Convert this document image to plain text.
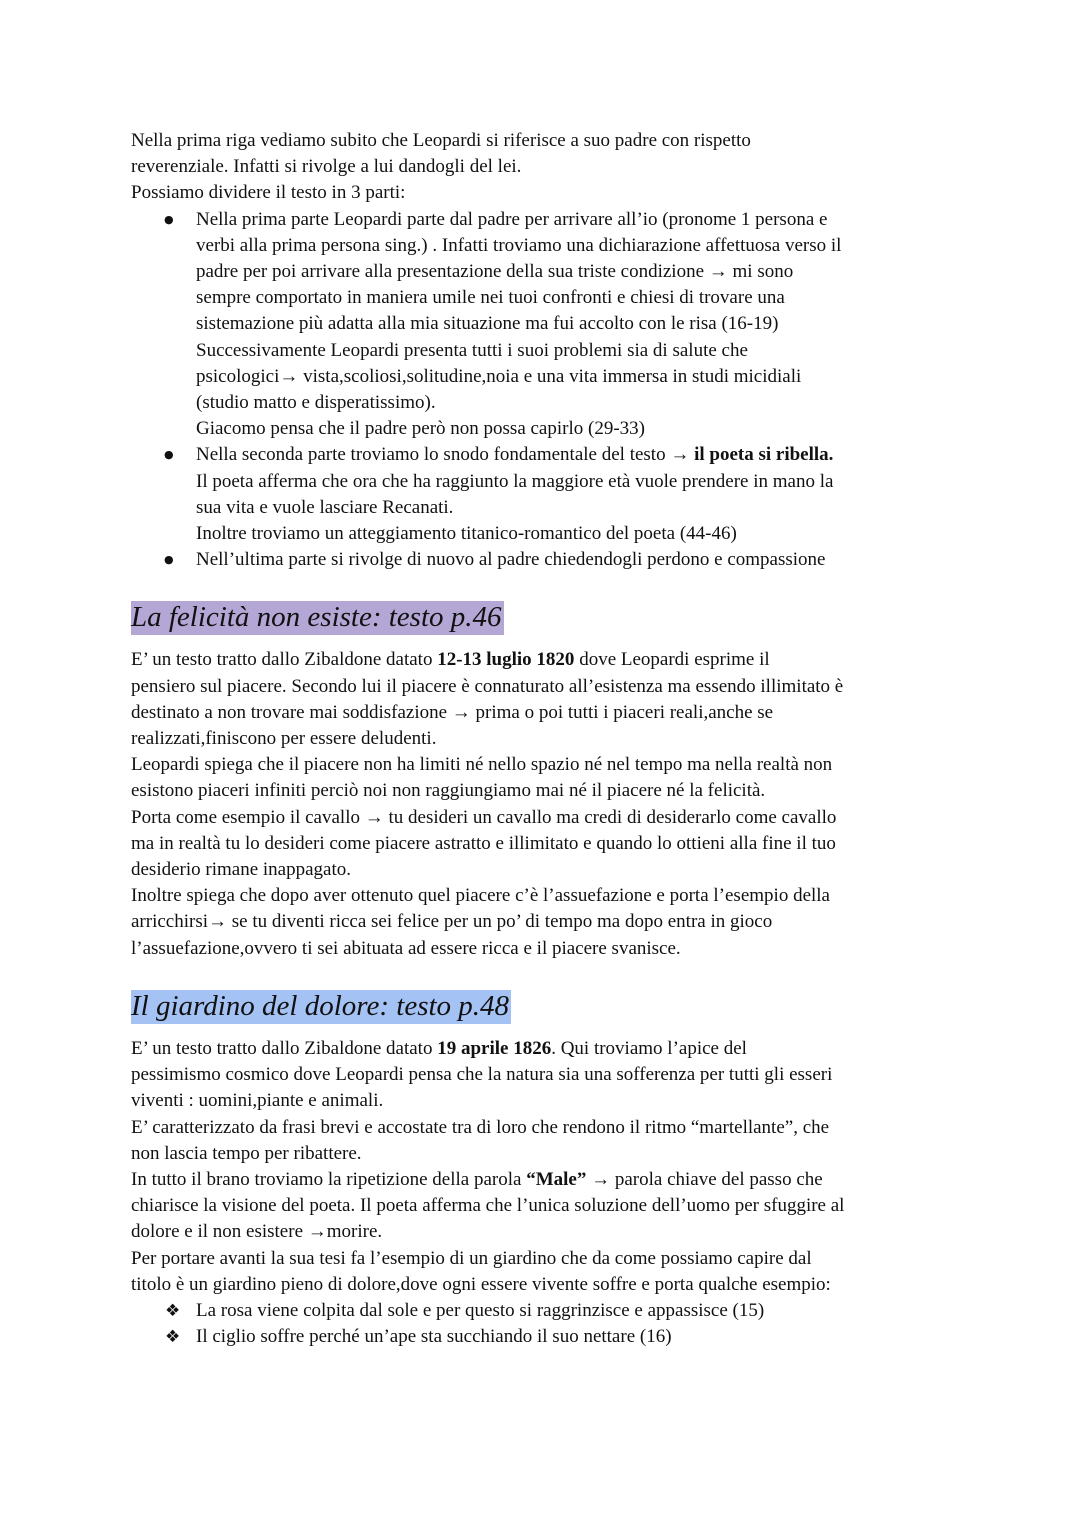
Nella prima riga vediamo subito che Leopardi si riferisce a suo padre con rispetto
reverenziale. Infatti si rivolge a lui dandogli del lei.

Possiamo dividere il testo in 3 parti:

● Nella prima parte Leopardi parte dal padre per arrivare all’io (pronome 1 persona e
verbi alla prima persona sing.) . Infatti troviamo una dichiarazione affettuosa verso il
padre per poi arrivare alla presentazione della sua triste condizione → mi sono
sempre comportato in maniera umile nei tuoi confronti e chiesi di trovare una
sistemazione più adatta alla mia situazione ma fui accolto con le risa (16-19)
Successivamente Leopardi presenta tutti i suoi problemi sia di salute che
psicologici→ vista,scoliosi,solitudine,noia e una vita immersa in studi micidiali
(studio matto e disperatissimo).
Giacomo pensa che il padre però non possa capirlo (29-33)
● Nella seconda parte troviamo lo snodo fondamentale del testo → il poeta si ribella.
Il poeta afferma che ora che ha raggiunto la maggiore età vuole prendere in mano la
sua vita e vuole lasciare Recanati.
Inoltre troviamo un atteggiamento titanico-romantico del poeta (44-46)
● Nell’ultima parte si rivolge di nuovo al padre chiedendogli perdono e compassione
La felicità non esiste: testo p.46

E’ un testo tratto dallo Zibaldone datato 12-13 luglio 1820 dove Leopardi esprime il
pensiero sul piacere. Secondo lui il piacere è connaturato all’esistenza ma essendo illimitato è
destinato a non trovare mai soddisfazione → prima o poi tutti i piaceri reali,anche se
realizzati,finiscono per essere deludenti.
Leopardi spiega che il piacere non ha limiti né nello spazio né nel tempo ma nella realtà non
esistono piaceri infiniti perciò noi non raggiungiamo mai né il piacere né la felicità.
Porta come esempio il cavallo → tu desideri un cavallo ma credi di desiderarlo come cavallo
ma in realtà tu lo desideri come piacere astratto e illimitato e quando lo ottieni alla fine il tuo
desiderio rimane inappagato.
Inoltre spiega che dopo aver ottenuto quel piacere c’è l’assuefazione e porta l’esempio della
arricchirsi→ se tu diventi ricca sei felice per un po’ di tempo ma dopo entra in gioco
l’assuefazione,ovvero ti sei abituata ad essere ricca e il piacere svanisce.

Il giardino del dolore: testo p.48

E’ un testo tratto dallo Zibaldone datato 19 aprile 1826. Qui troviamo l’apice del
pessimismo cosmico dove Leopardi pensa che la natura sia una sofferenza per tutti gli esseri
viventi : uomini,piante e animali.
E’ caratterizzato da frasi brevi e accostate tra di loro che rendono il ritmo “martellante”, che
non lascia tempo per ribattere.
In tutto il brano troviamo la ripetizione della parola “Male” → parola chiave del passo che
chiarisce la visione del poeta. Il poeta afferma che l’unica soluzione dell’uomo per sfuggire al
dolore e il non esistere →morire.
Per portare avanti la sua tesi fa l’esempio di un giardino che da come possiamo capire dal
titolo è un giardino pieno di dolore,dove ogni essere vivente soffre e porta qualche esempio:

❖ La rosa viene colpita dal sole e per questo si raggrinzisce e appassisce (15)
❖ Il ciglio soffre perché un’ape sta succhiando il suo nettare (16)
